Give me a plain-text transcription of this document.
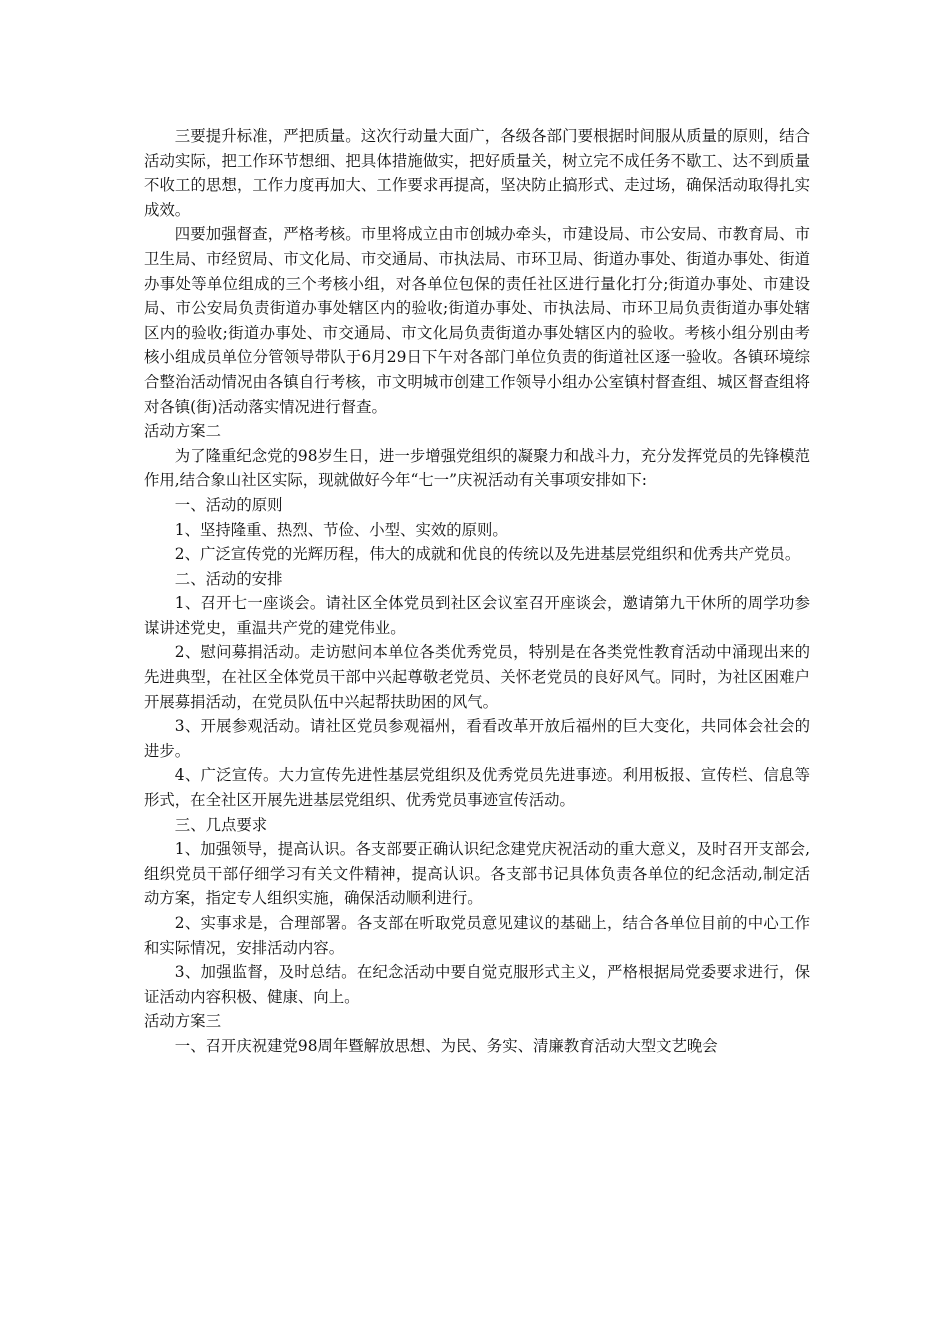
三要提升标准，严把质量。这次行动量大面广，各级各部门要根据时间服从质量的原则，结合活动实际，把工作环节想细、把具体措施做实，把好质量关，树立完不成任务不歇工、达不到质量不收工的思想，工作力度再加大、工作要求再提高，坚决防止搞形式、走过场，确保活动取得扎实成效。

四要加强督查，严格考核。市里将成立由市创城办牵头，市建设局、市公安局、市教育局、市卫生局、市经贸局、市文化局、市交通局、市执法局、市环卫局、街道办事处、街道办事处、街道办事处等单位组成的三个考核小组，对各单位包保的责任社区进行量化打分;街道办事处、市建设局、市公安局负责街道办事处辖区内的验收;街道办事处、市执法局、市环卫局负责街道办事处辖区内的验收;街道办事处、市交通局、市文化局负责街道办事处辖区内的验收。考核小组分别由考核小组成员单位分管领导带队于6月29日下午对各部门单位负责的街道社区逐一验收。各镇环境综合整治活动情况由各镇自行考核，市文明城市创建工作领导小组办公室镇村督查组、城区督查组将对各镇(街)活动落实情况进行督查。

活动方案二

为了隆重纪念党的98岁生日，进一步增强党组织的凝聚力和战斗力，充分发挥党员的先锋模范作用,结合象山社区实际，现就做好今年“七一”庆祝活动有关事项安排如下:

一、活动的原则

1、坚持隆重、热烈、节俭、小型、实效的原则。

2、广泛宣传党的光辉历程，伟大的成就和优良的传统以及先进基层党组织和优秀共产党员。

二、活动的安排

1、召开七一座谈会。请社区全体党员到社区会议室召开座谈会，邀请第九干休所的周学功参谋讲述党史，重温共产党的建党伟业。

2、慰问募捐活动。走访慰问本单位各类优秀党员，特别是在各类党性教育活动中涌现出来的先进典型，在社区全体党员干部中兴起尊敬老党员、关怀老党员的良好风气。同时，为社区困难户开展募捐活动，在党员队伍中兴起帮扶助困的风气。

3、开展参观活动。请社区党员参观福州，看看改革开放后福州的巨大变化，共同体会社会的进步。

4、广泛宣传。大力宣传先进性基层党组织及优秀党员先进事迹。利用板报、宣传栏、信息等形式，在全社区开展先进基层党组织、优秀党员事迹宣传活动。

三、几点要求

1、加强领导，提高认识。各支部要正确认识纪念建党庆祝活动的重大意义，及时召开支部会,组织党员干部仔细学习有关文件精神，提高认识。各支部书记具体负责各单位的纪念活动,制定活动方案，指定专人组织实施，确保活动顺利进行。

2、实事求是，合理部署。各支部在听取党员意见建议的基础上，结合各单位目前的中心工作和实际情况，安排活动内容。

3、加强监督，及时总结。在纪念活动中要自觉克服形式主义，严格根据局党委要求进行，保证活动内容积极、健康、向上。

活动方案三

一、召开庆祝建党98周年暨解放思想、为民、务实、清廉教育活动大型文艺晚会
